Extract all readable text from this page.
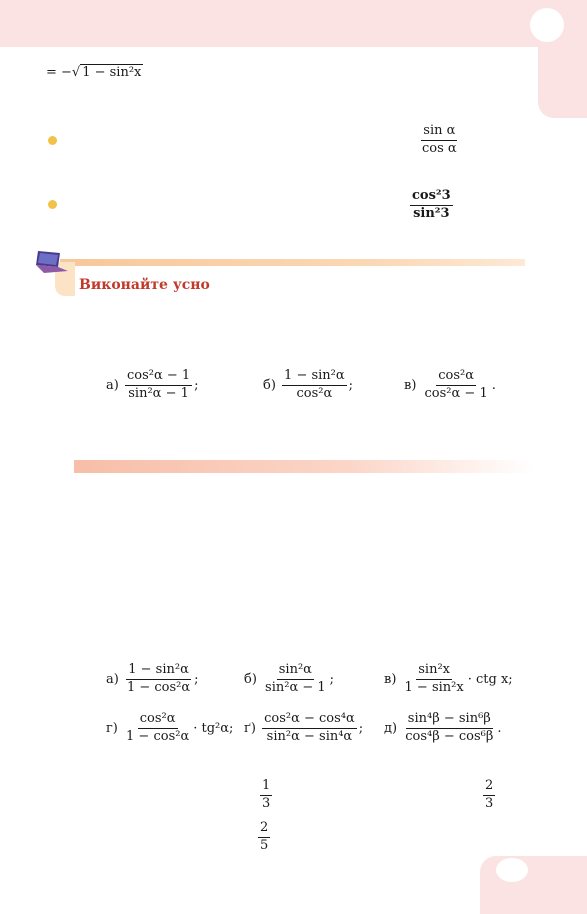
= −√ 1 − sin²x
$\frac{\text{sin α}}{\text{cos α}}$
$\frac{\text{cos²3}}{\text{sin²3}}$
Виконайте усно
$а) \frac{\text{cos²α − 1}}{\text{sin²α − 1}}$ ;	$б) \frac{\text{1 − sin²α}}{\text{cos²α}}$ ;	$в) \frac{\text{cos²α}}{\text{cos²α − 1}}$ .
$а) \frac{\text{1 − sin²α}}{\text{1 − cos²α}}$ ;	$б) \frac{\text{sin²α}}{\text{sin²α − 1}}$ ;	$в) \frac{\text{sin²x}}{\text{1 − sin²x}}$ · ctg x;
$г) \frac{\text{cos²α}}{\text{1 − cos²α}} \cdot tg^2\alpha$; $ґ) \frac{\text{cos²α − cos⁴α}}{\text{sin²α − sin⁴α}}$ ; $д) \frac{\text{sin⁴β − sin⁶β}}{\text{cos⁴β − cos⁶β}}$ .
$\frac{1}{3}$	$\frac{2}{3}$
$\frac{2}{5}$
